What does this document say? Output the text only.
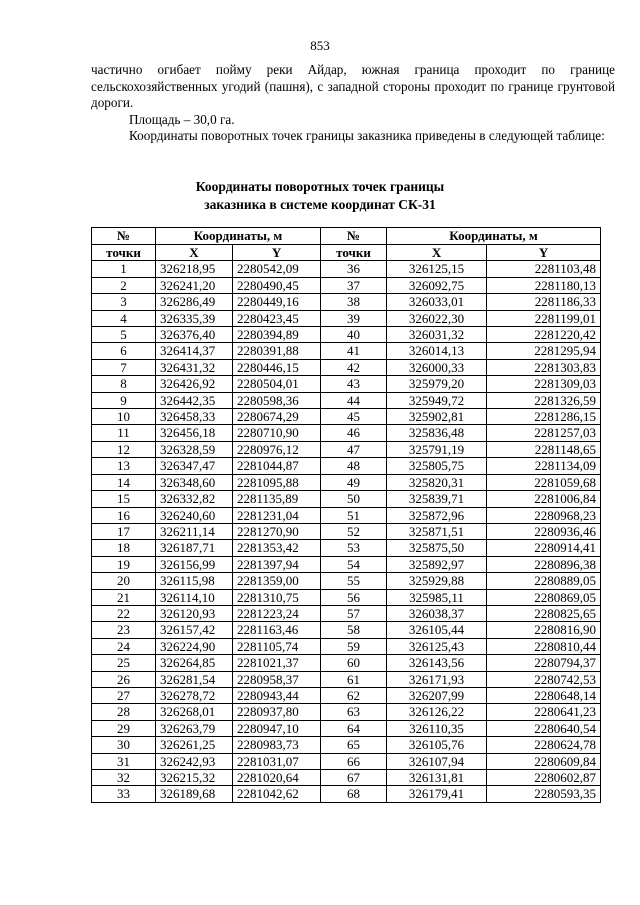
853

частично огибает пойму реки Айдар, южная граница проходит по границе сельскохозяйственных угодий (пашня), с западной стороны проходит по границе грунтовой дороги.

Площадь – 30,0 га.

Координаты поворотных точек границы заказника приведены в следующей таблице:

Координаты поворотных точек границы
заказника в системе координат СК-31
№	Координаты, м		№	Координаты, м	
точки	X	Y	точки	X	Y
1	326218,95	2280542,09	36	326125,15	2281103,48
2	326241,20	2280490,45	37	326092,75	2281180,13
3	326286,49	2280449,16	38	326033,01	2281186,33
4	326335,39	2280423,45	39	326022,30	2281199,01
5	326376,40	2280394,89	40	326031,32	2281220,42
6	326414,37	2280391,88	41	326014,13	2281295,94
7	326431,32	2280446,15	42	326000,33	2281303,83
8	326426,92	2280504,01	43	325979,20	2281309,03
9	326442,35	2280598,36	44	325949,72	2281326,59
10	326458,33	2280674,29	45	325902,81	2281286,15
11	326456,18	2280710,90	46	325836,48	2281257,03
12	326328,59	2280976,12	47	325791,19	2281148,65
13	326347,47	2281044,87	48	325805,75	2281134,09
14	326348,60	2281095,88	49	325820,31	2281059,68
15	326332,82	2281135,89	50	325839,71	2281006,84
16	326240,60	2281231,04	51	325872,96	2280968,23
17	326211,14	2281270,90	52	325871,51	2280936,46
18	326187,71	2281353,42	53	325875,50	2280914,41
19	326156,99	2281397,94	54	325892,97	2280896,38
20	326115,98	2281359,00	55	325929,88	2280889,05
21	326114,10	2281310,75	56	325985,11	2280869,05
22	326120,93	2281223,24	57	326038,37	2280825,65
23	326157,42	2281163,46	58	326105,44	2280816,90
24	326224,90	2281105,74	59	326125,43	2280810,44
25	326264,85	2281021,37	60	326143,56	2280794,37
26	326281,54	2280958,37	61	326171,93	2280742,53
27	326278,72	2280943,44	62	326207,99	2280648,14
28	326268,01	2280937,80	63	326126,22	2280641,23
29	326263,79	2280947,10	64	326110,35	2280640,54
30	326261,25	2280983,73	65	326105,76	2280624,78
31	326242,93	2281031,07	66	326107,94	2280609,84
32	326215,32	2281020,64	67	326131,81	2280602,87
33	326189,68	2281042,62	68	326179,41	2280593,35
